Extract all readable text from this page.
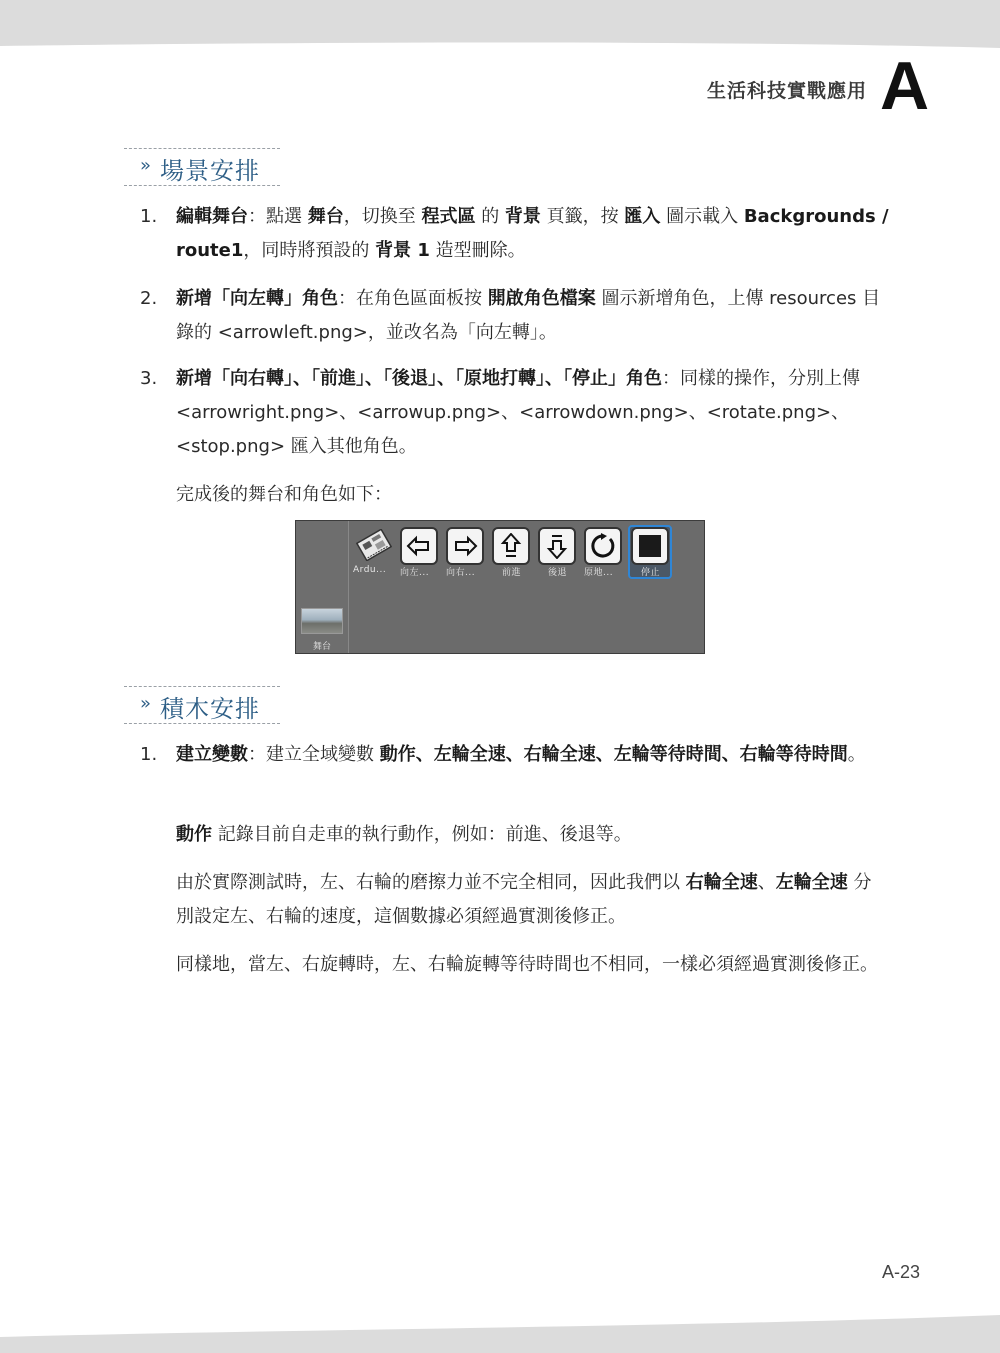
生活科技實戰應用 A
» 場景安排
1. 編輯舞台：點選 舞台，切換至 程式區 的 背景 頁籤，按 匯入 圖示載入 Backgrounds / route1，同時將預設的 背景 1 造型刪除。
2. 新增「向左轉」角色：在角色區面板按 開啟角色檔案 圖示新增角色，上傳 resources 目錄的 <arrowleft.png>，並改名為「向左轉」。
3. 新增「向右轉」、「前進」、「後退」、「原地打轉」、「停止」角色：同樣的操作，分別上傳 <arrowright.png>、<arrowup.png>、<arrowdown.png>、<rotate.png>、<stop.png> 匯入其他角色。
完成後的舞台和角色如下：
舞台
Ardu... 向左... 向右...	前進	後退 原地...	停止
» 積木安排
1. 建立變數：建立全域變數 動作、左輪全速、右輪全速、左輪等待時間、右輪等待時間。
動作 記錄目前自走車的執行動作，例如：前進、後退等。
由於實際測試時，左、右輪的磨擦力並不完全相同，因此我們以 右輪全速、左輪全速 分別設定左、右輪的速度，這個數據必須經過實測後修正。
同樣地，當左、右旋轉時，左、右輪旋轉等待時間也不相同，一樣必須經過實測後修正。
A-23
